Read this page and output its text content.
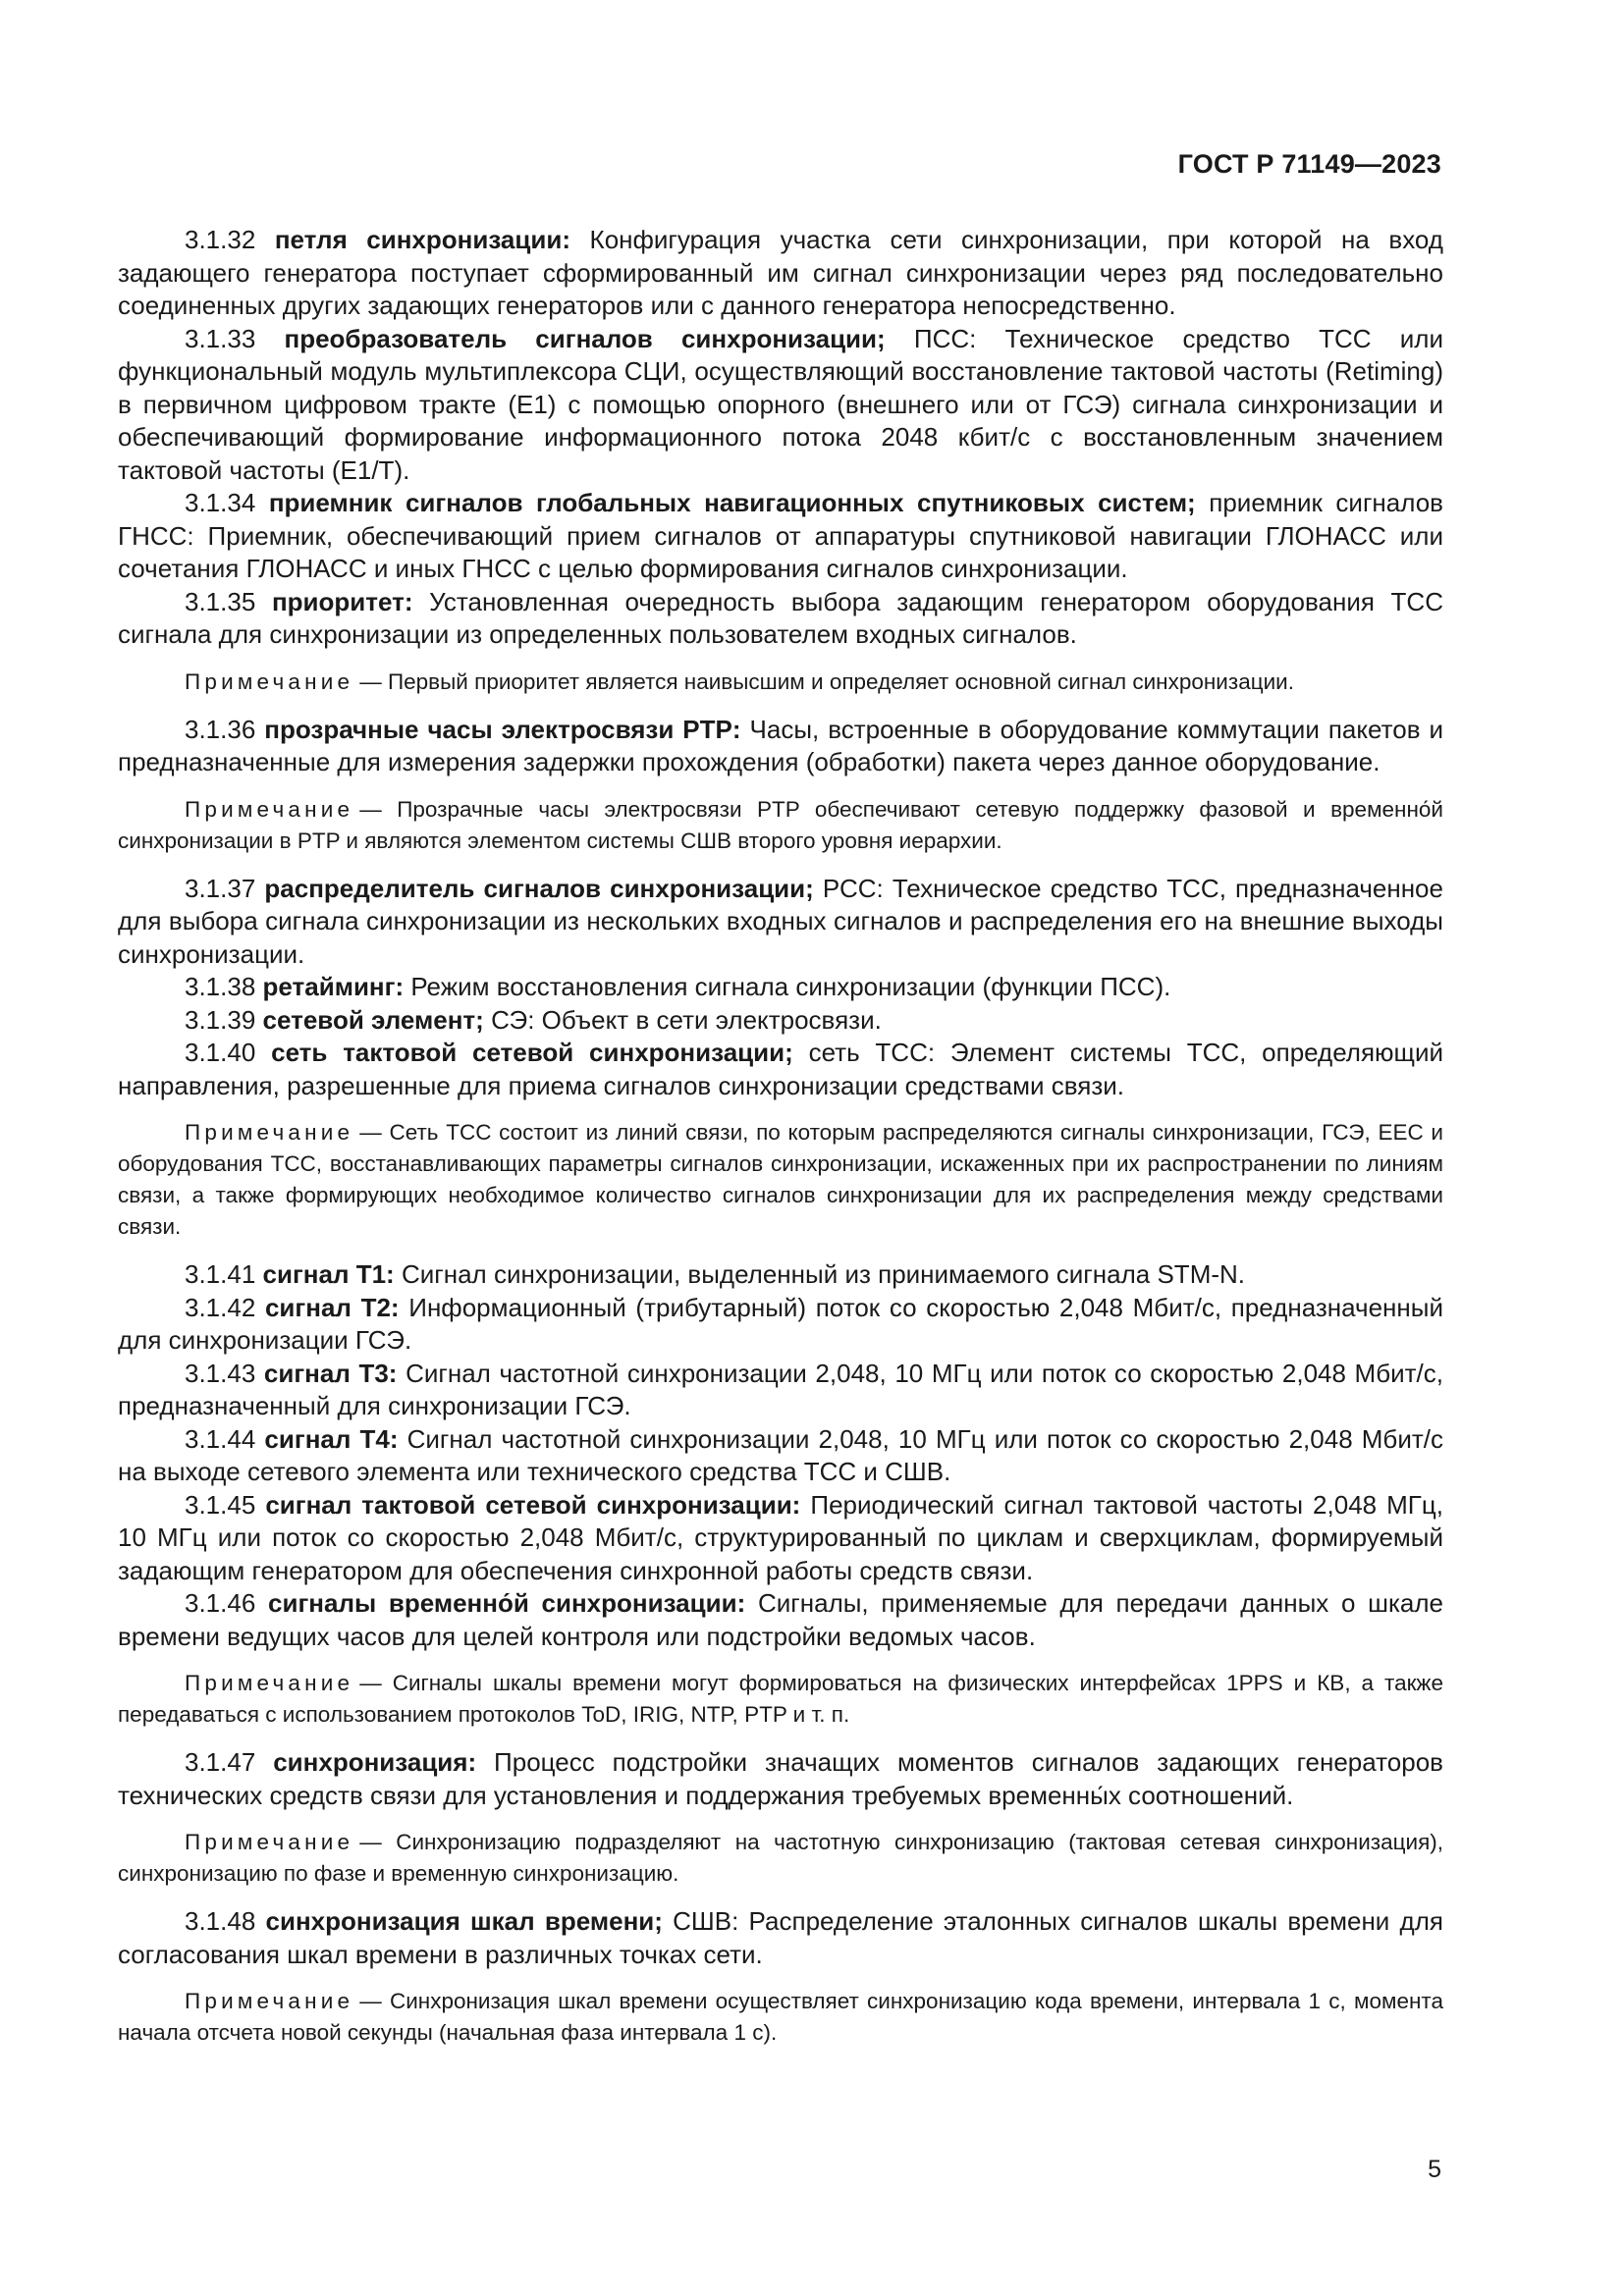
ГОСТ Р 71149—2023

3.1.32 петля синхронизации: Конфигурация участка сети синхронизации, при которой на вход задающего генератора поступает сформированный им сигнал синхронизации через ряд последовательно соединенных других задающих генераторов или с данного генератора непосредственно.

3.1.33 преобразователь сигналов синхронизации; ПСС: Техническое средство ТСС или функциональный модуль мультиплексора СЦИ, осуществляющий восстановление тактовой частоты (Retiming) в первичном цифровом тракте (Е1) с помощью опорного (внешнего или от ГСЭ) сигнала синхронизации и обеспечивающий формирование информационного потока 2048 кбит/с с восстановленным значением тактовой частоты (Е1/Т).

3.1.34 приемник сигналов глобальных навигационных спутниковых систем; приемник сигналов ГНСС: Приемник, обеспечивающий прием сигналов от аппаратуры спутниковой навигации ГЛОНАСС или сочетания ГЛОНАСС и иных ГНСС с целью формирования сигналов синхронизации.

3.1.35 приоритет: Установленная очередность выбора задающим генератором оборудования ТСС сигнала для синхронизации из определенных пользователем входных сигналов.

Примечание — Первый приоритет является наивысшим и определяет основной сигнал синхронизации.

3.1.36 прозрачные часы электросвязи PTP: Часы, встроенные в оборудование коммутации пакетов и предназначенные для измерения задержки прохождения (обработки) пакета через данное оборудование.

Примечание — Прозрачные часы электросвязи PTP обеспечивают сетевую поддержку фазовой и временно́й синхронизации в PTP и являются элементом системы СШВ второго уровня иерархии.

3.1.37 распределитель сигналов синхронизации; РСС: Техническое средство ТСС, предназначенное для выбора сигнала синхронизации из нескольких входных сигналов и распределения его на внешние выходы синхронизации.

3.1.38 ретайминг: Режим восстановления сигнала синхронизации (функции ПСС).

3.1.39 сетевой элемент; СЭ: Объект в сети электросвязи.

3.1.40 сеть тактовой сетевой синхронизации; сеть ТСС: Элемент системы ТСС, определяющий направления, разрешенные для приема сигналов синхронизации средствами связи.

Примечание — Сеть ТСС состоит из линий связи, по которым распределяются сигналы синхронизации, ГСЭ, ЕЕС и оборудования ТСС, восстанавливающих параметры сигналов синхронизации, искаженных при их распространении по линиям связи, а также формирующих необходимое количество сигналов синхронизации для их распределения между средствами связи.

3.1.41 сигнал Т1: Сигнал синхронизации, выделенный из принимаемого сигнала STM-N.

3.1.42 сигнал Т2: Информационный (трибутарный) поток со скоростью 2,048 Мбит/с, предназначенный для синхронизации ГСЭ.

3.1.43 сигнал Т3: Сигнал частотной синхронизации 2,048, 10 МГц или поток со скоростью 2,048 Мбит/с, предназначенный для синхронизации ГСЭ.

3.1.44 сигнал Т4: Сигнал частотной синхронизации 2,048, 10 МГц или поток со скоростью 2,048 Мбит/с на выходе сетевого элемента или технического средства ТСС и СШВ.

3.1.45 сигнал тактовой сетевой синхронизации: Периодический сигнал тактовой частоты 2,048 МГц, 10 МГц или поток со скоростью 2,048 Мбит/с, структурированный по циклам и сверхциклам, формируемый задающим генератором для обеспечения синхронной работы средств связи.

3.1.46 сигналы временно́й синхронизации: Сигналы, применяемые для передачи данных о шкале времени ведущих часов для целей контроля или подстройки ведомых часов.

Примечание — Сигналы шкалы времени могут формироваться на физических интерфейсах 1PPS и КВ, а также передаваться с использованием протоколов ToD, IRIG, NTP, PTP и т. п.

3.1.47 синхронизация: Процесс подстройки значащих моментов сигналов задающих генераторов технических средств связи для установления и поддержания требуемых временны́х соотношений.

Примечание — Синхронизацию подразделяют на частотную синхронизацию (тактовая сетевая синхронизация), синхронизацию по фазе и временную синхронизацию.

3.1.48 синхронизация шкал времени; СШВ: Распределение эталонных сигналов шкалы времени для согласования шкал времени в различных точках сети.

Примечание — Синхронизация шкал времени осуществляет синхронизацию кода времени, интервала 1 с, момента начала отсчета новой секунды (начальная фаза интервала 1 с).

5
